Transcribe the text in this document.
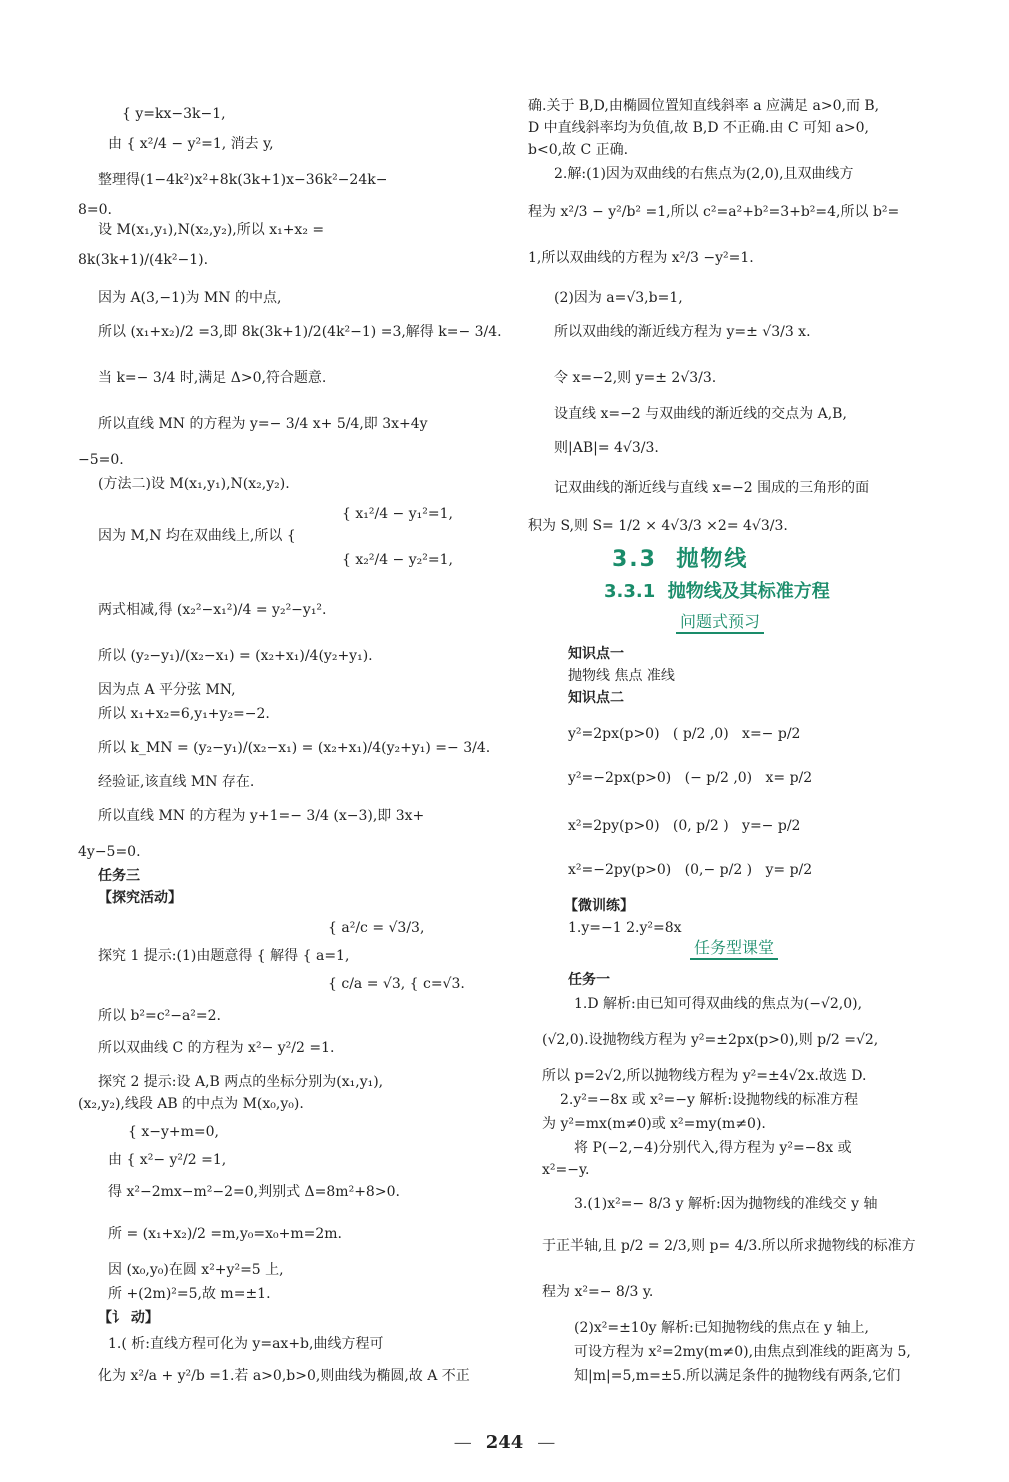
{ y=kx−3k−1,
由 { x²/4 − y²=1, 消去 y,
整理得(1−4k²)x²+8k(3k+1)x−36k²−24k−
8=0.
设 M(x₁,y₁),N(x₂,y₂),所以 x₁+x₂ =
8k(3k+1)/(4k²−1).
因为 A(3,−1)为 MN 的中点,
所以 (x₁+x₂)/2 =3,即 8k(3k+1)/2(4k²−1) =3,解得 k=− 3/4.
当 k=− 3/4 时,满足 Δ>0,符合题意.
所以直线 MN 的方程为 y=− 3/4 x+ 5/4,即 3x+4y
−5=0.
(方法二)设 M(x₁,y₁),N(x₂,y₂).
{ x₁²/4 − y₁²=1,
因为 M,N 均在双曲线上,所以 {
{ x₂²/4 − y₂²=1,
两式相减,得 (x₂²−x₁²)/4 = y₂²−y₁².
所以 (y₂−y₁)/(x₂−x₁) = (x₂+x₁)/4(y₂+y₁).
因为点 A 平分弦 MN,
所以 x₁+x₂=6,y₁+y₂=−2.
所以 k_MN = (y₂−y₁)/(x₂−x₁) = (x₂+x₁)/4(y₂+y₁) =− 3/4.
经验证,该直线 MN 存在.
所以直线 MN 的方程为 y+1=− 3/4 (x−3),即 3x+
4y−5=0.
任务三
【探究活动】
{ a²/c = √3/3,
探究 1 提示:(1)由题意得 { 解得 { a=1,
{ c/a = √3, { c=√3.
所以 b²=c²−a²=2.
所以双曲线 C 的方程为 x²− y²/2 =1.
探究 2 提示:设 A,B 两点的坐标分别为(x₁,y₁),
(x₂,y₂),线段 AB 的中点为 M(x₀,y₀).
{ x−y+m=0,
由 { x²− y²/2 =1,
得 x²−2mx−m²−2=0,判别式 Δ=8m²+8>0.
所 = (x₁+x₂)/2 =m,y₀=x₀+m=2m.
因 (x₀,y₀)在圆 x²+y²=5 上,
所 +(2m)²=5,故 m=±1.
【讠 动】
1.( 析:直线方程可化为 y=ax+b,曲线方程可
化为 x²/a + y²/b =1.若 a>0,b>0,则曲线为椭圆,故 A 不正
确.关于 B,D,由椭圆位置知直线斜率 a 应满足 a>0,而 B,
D 中直线斜率均为负值,故 B,D 不正确.由 C 可知 a>0,
b<0,故 C 正确.
2.解:(1)因为双曲线的右焦点为(2,0),且双曲线方
程为 x²/3 − y²/b² =1,所以 c²=a²+b²=3+b²=4,所以 b²=
1,所以双曲线的方程为 x²/3 −y²=1.
(2)因为 a=√3,b=1,
所以双曲线的渐近线方程为 y=± √3/3 x.
令 x=−2,则 y=± 2√3/3.
设直线 x=−2 与双曲线的渐近线的交点为 A,B,
则|AB|= 4√3/3.
记双曲线的渐近线与直线 x=−2 围成的三角形的面
积为 S,则 S= 1/2 × 4√3/3 ×2= 4√3/3.
3.3 抛物线
3.3.1 抛物线及其标准方程
问题式预习
知识点一
抛物线 焦点 准线
知识点二
y²=2px(p>0) ( p/2 ,0) x=− p/2
y²=−2px(p>0) (− p/2 ,0) x= p/2
x²=2py(p>0) (0, p/2 ) y=− p/2
x²=−2py(p>0) (0,− p/2 ) y= p/2
【微训练】
1.y=−1 2.y²=8x
任务型课堂
任务一
1.D 解析:由已知可得双曲线的焦点为(−√2,0),
(√2,0).设抛物线方程为 y²=±2px(p>0),则 p/2 =√2,
所以 p=2√2,所以抛物线方程为 y²=±4√2x.故选 D.
2.y²=−8x 或 x²=−y 解析:设抛物线的标准方程
为 y²=mx(m≠0)或 x²=my(m≠0).
将 P(−2,−4)分别代入,得方程为 y²=−8x 或
x²=−y.
3.(1)x²=− 8/3 y 解析:因为抛物线的准线交 y 轴
于正半轴,且 p/2 = 2/3,则 p= 4/3.所以所求抛物线的标准方
程为 x²=− 8/3 y.
(2)x²=±10y 解析:已知抛物线的焦点在 y 轴上,
可设方程为 x²=2my(m≠0),由焦点到准线的距离为 5,
知|m|=5,m=±5.所以满足条件的抛物线有两条,它们
— 244 —
